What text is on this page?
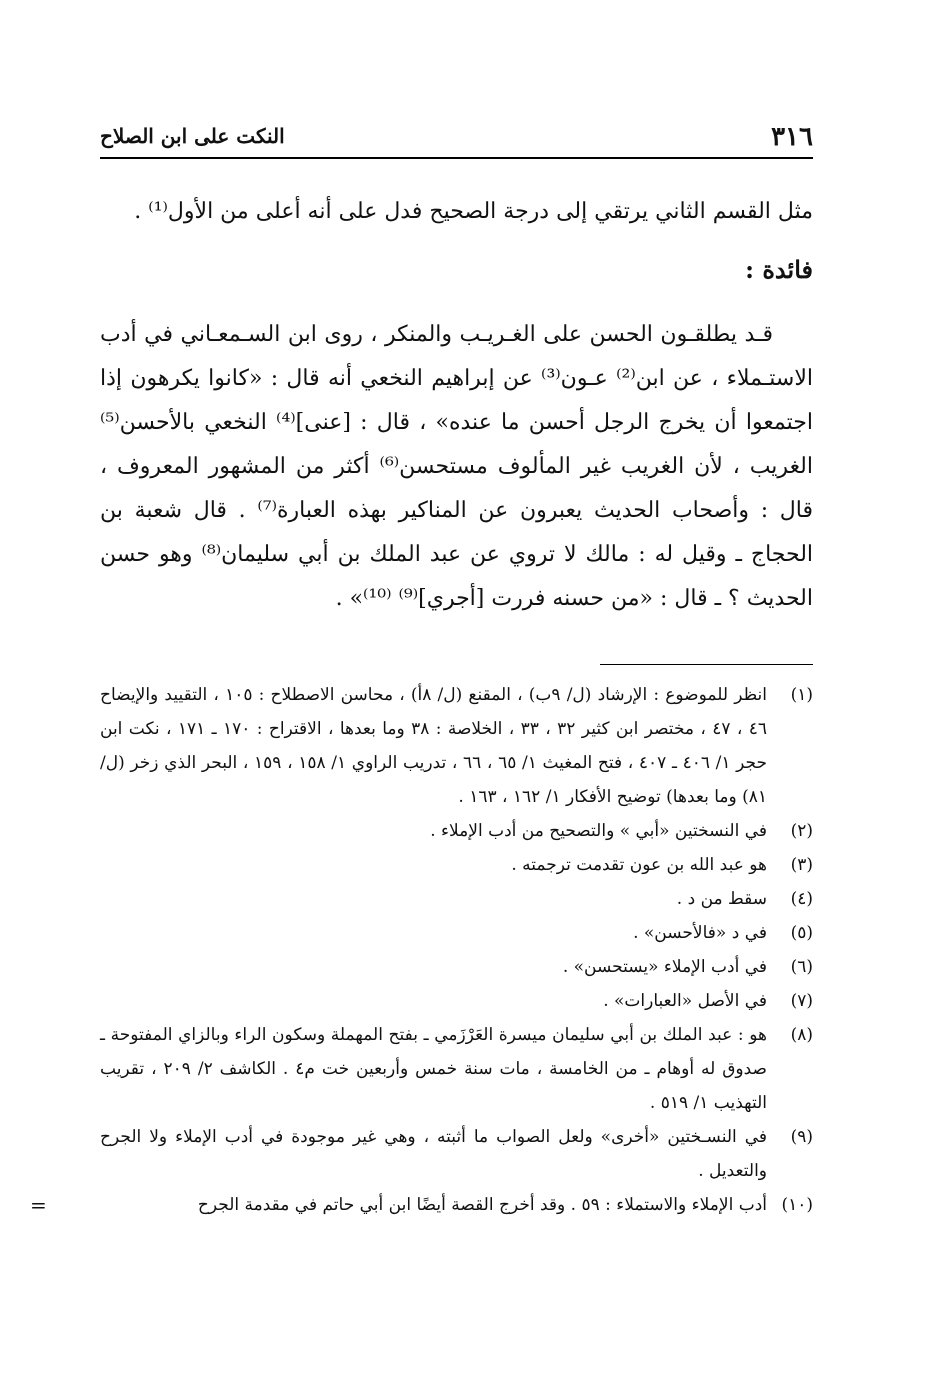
٣١٦
النكت على ابن الصلاح

مثل القسم الثاني يرتقي إلى درجة الصحيح فدل على أنه أعلى من الأول⁽¹⁾ .

فائدة :

قـد يطلقـون الحسن على الغـريـب والمنكر ، روى ابن السـمعـاني في أدب الاستـملاء ، عن ابن⁽²⁾ عـون⁽³⁾ عن إبراهيم النخعي أنه قال : «كانوا يكرهون إذا اجتمعوا أن يخرج الرجل أحسن ما عنده» ، قال : [عنى]⁽⁴⁾ النخعي بالأحسن⁽⁵⁾ الغريب ، لأن الغريب غير المألوف مستحسن⁽⁶⁾ أكثر من المشهور المعروف ، قال : وأصحاب الحديث يعبرون عن المناكير بهذه العبارة⁽⁷⁾ . قال شعبة بن الحجاج ـ وقيل له : مالك لا تروي عن عبد الملك بن أبي سليمان⁽⁸⁾ وهو حسن الحديث ؟ ـ قال : «من حسنه فررت [أجري]⁽⁹⁾ ⁽¹⁰⁾» .

(١)
انظر للموضوع : الإرشاد (ل/ ٩ب) ، المقنع (ل/ ٨أ) ، محاسن الاصطلاح : ١٠٥ ، التقييد والإيضاح ٤٦ ، ٤٧ ، مختصر ابن كثير ٣٢ ، ٣٣ ، الخلاصة : ٣٨ وما بعدها ، الاقتراح : ١٧٠ ـ ١٧١ ، نكت ابن حجر ١/ ٤٠٦ ـ ٤٠٧ ، فتح المغيث ١/ ٦٥ ، ٦٦ ، تدريب الراوي ١/ ١٥٨ ، ١٥٩ ، البحر الذي زخر (ل/ ٨١) وما بعدها) توضيح الأفكار ١/ ١٦٢ ، ١٦٣ .
(٢)
في النسختين «أبي » والتصحيح من أدب الإملاء .
(٣)
هو عبد الله بن عون تقدمت ترجمته .
(٤)
سقط من د .
(٥)
في د «فالأحسن» .
(٦)
في أدب الإملاء «يستحسن» .
(٧)
في الأصل «العبارات» .
(٨)
هو : عبد الملك بن أبي سليمان ميسرة العَرْزَمي ـ بفتح المهملة وسكون الراء وبالزاي المفتوحة ـ صدوق له أوهام ـ من الخامسة ، مات سنة خمس وأربعين خت م٤ . الكاشف ٢/ ٢٠٩ ، تقريب التهذيب ١/ ٥١٩ .
(٩)
في النسـختين «أخرى» ولعل الصواب ما أثبته ، وهي غير موجودة في أدب الإملاء ولا الجرح والتعديل .
(١٠)
أدب الإملاء والاستملاء : ٥٩ . وقد أخرج القصة أيضًا ابن أبي حاتم في مقدمة الجرح
=
